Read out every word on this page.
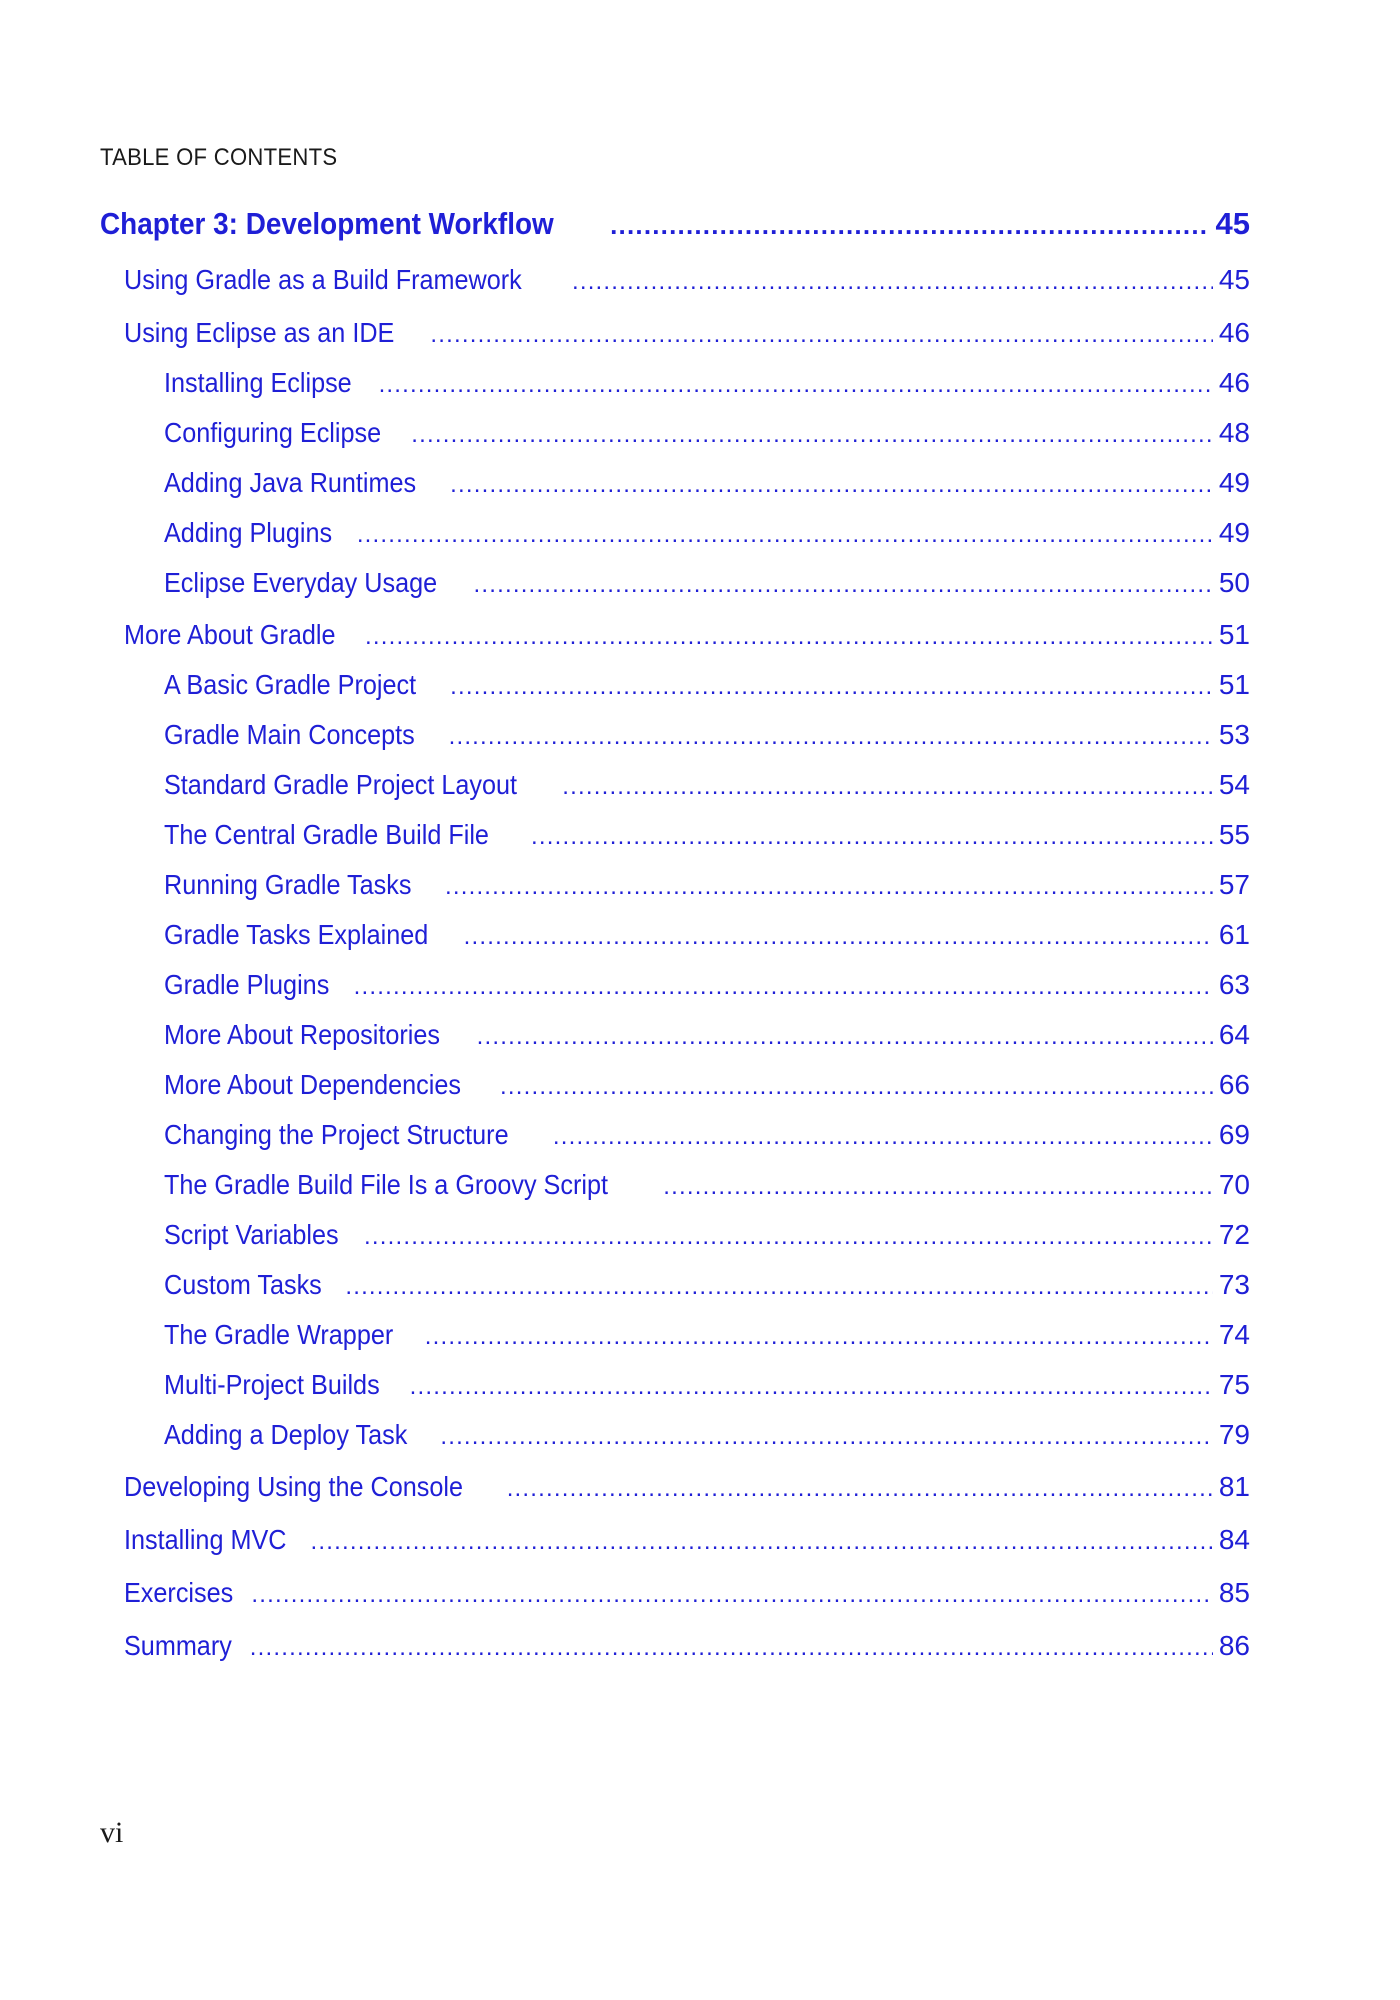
TABLE OF CONTENTS
Chapter 3: Development Workflow .....	45
Using Gradle as a Build Framework .....	45
Using Eclipse as an IDE .....	46
Installing Eclipse .....	46
Configuring Eclipse .....	48
Adding Java Runtimes .....	49
Adding Plugins .....	49
Eclipse Everyday Usage .....	50
More About Gradle .....	51
A Basic Gradle Project .....	51
Gradle Main Concepts .....	53
Standard Gradle Project Layout .....	54
The Central Gradle Build File .....	55
Running Gradle Tasks .....	57
Gradle Tasks Explained .....	61
Gradle Plugins .....	63
More About Repositories .....	64
More About Dependencies .....	66
Changing the Project Structure .....	69
The Gradle Build File Is a Groovy Script .....	70
Script Variables .....	72
Custom Tasks .....	73
The Gradle Wrapper .....	74
Multi-Project Builds .....	75
Adding a Deploy Task .....	79
Developing Using the Console .....	81
Installing MVC .....	84
Exercises .....	85
Summary .....	86
vi
